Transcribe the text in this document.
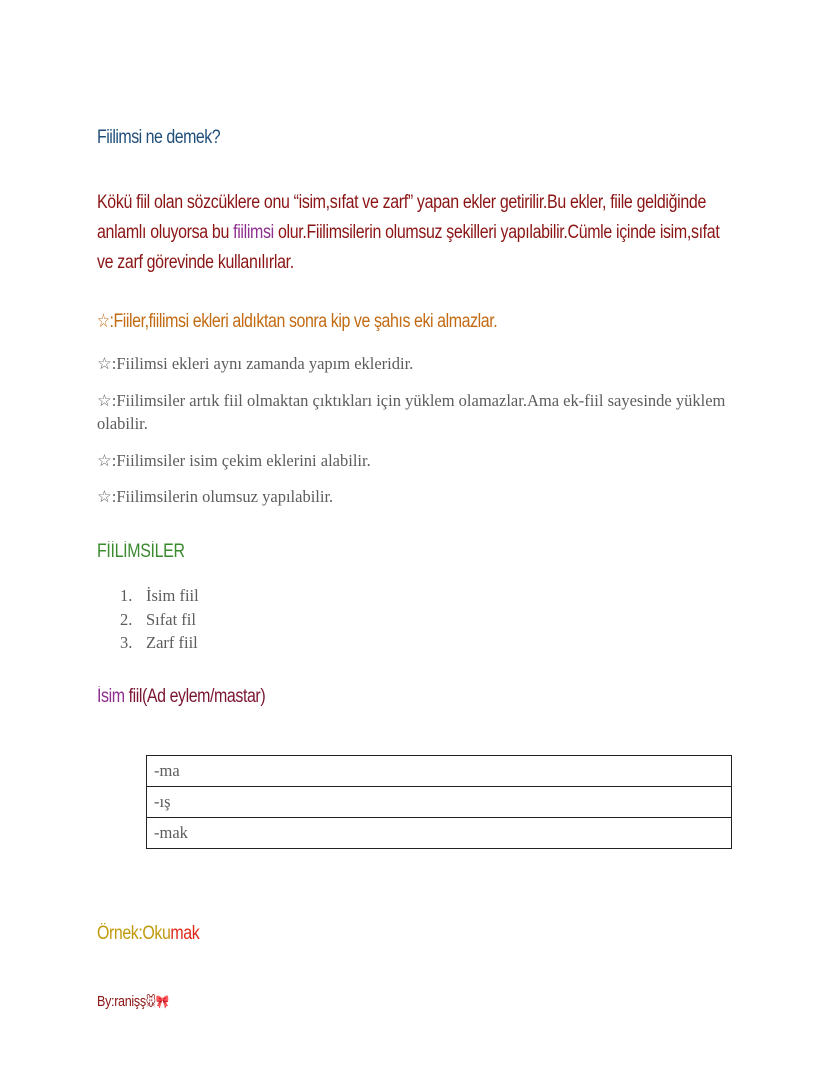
Fiilimsi ne demek?

Kökü fiil olan sözcüklere onu “isim,sıfat ve zarf” yapan ekler getirilir.Bu ekler, fiile geldiğinde anlamlı oluyorsa bu fiilimsi olur.Fiilimsilerin olumsuz şekilleri yapılabilir.Cümle içinde isim,sıfat ve zarf görevinde kullanılırlar.

☆:Fiiler,fiilimsi ekleri aldıktan sonra kip ve şahıs eki almazlar.

☆:Fiilimsi ekleri aynı zamanda yapım ekleridir.

☆:Fiilimsiler artık fiil olmaktan çıktıkları için yüklem olamazlar.Ama ek-fiil sayesinde yüklem olabilir.

☆:Fiilimsiler isim çekim eklerini alabilir.

☆:Fiilimsilerin olumsuz yapılabilir.

FİİLİMSİLER
1. İsim fiil
2. Sıfat fil
3. Zarf fiil
İsim fiil(Ad eylem/mastar)
-ma
-ış
-mak
Örnek:Okumak
By:ranişş🐭🎀
